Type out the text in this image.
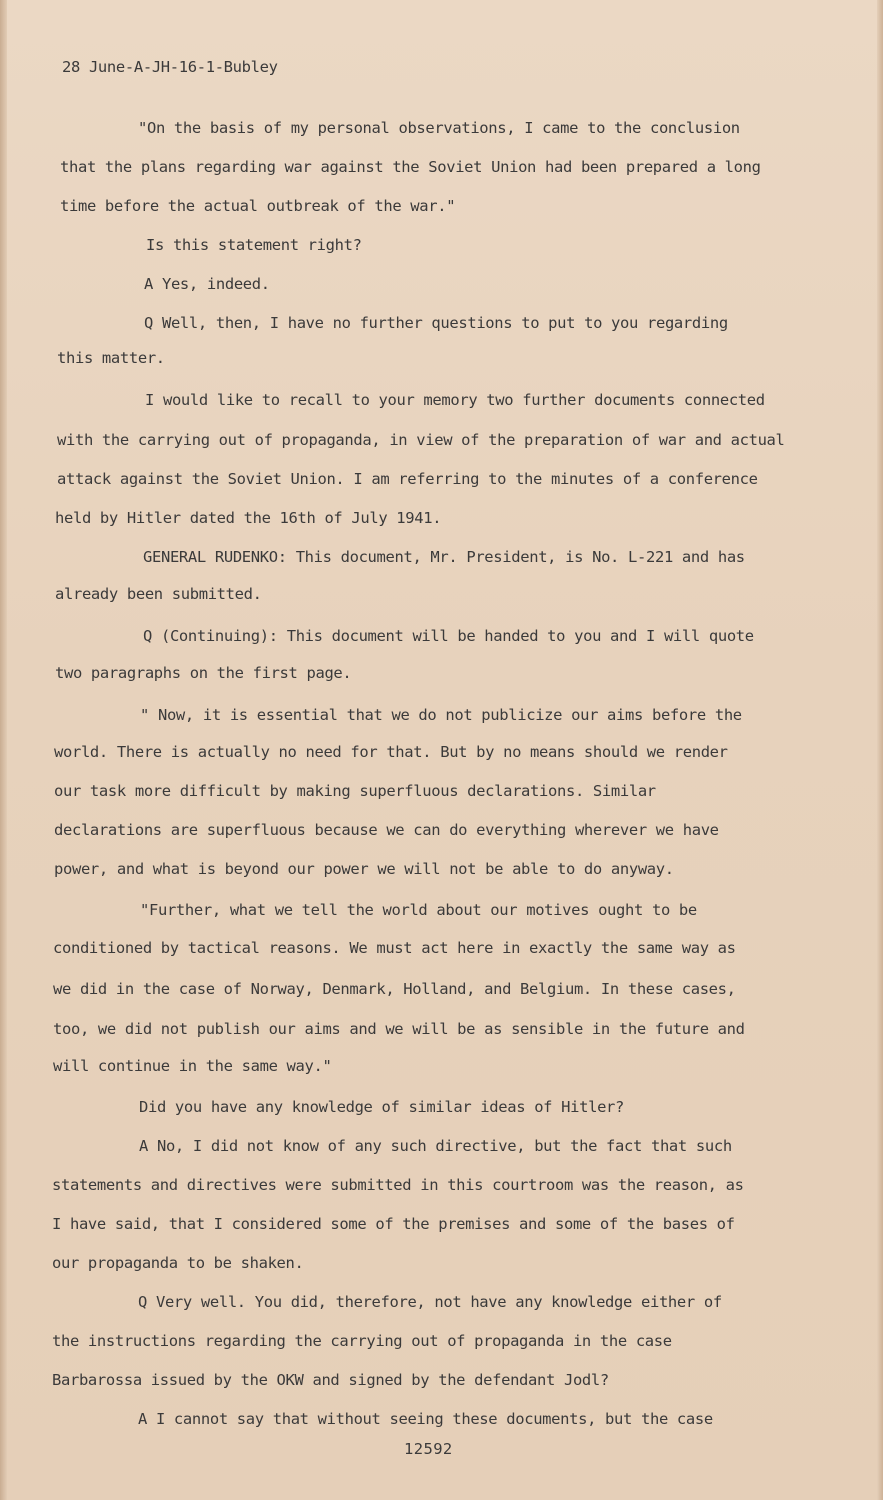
28 June-A-JH-16-1-Bubley

"On the basis of my personal observations, I came to the conclusion

that the plans regarding war against the Soviet Union had been prepared a long

time before the actual outbreak of the war."

Is this statement right?

A Yes, indeed.

Q Well, then, I have no further questions to put to you regarding

this matter.

I would like to recall to your memory two further documents connected

with the carrying out of propaganda, in view of the preparation of war and actual

attack against the Soviet Union. I am referring to the minutes of a conference

held by Hitler dated the 16th of July 1941.

GENERAL RUDENKO: This document, Mr. President, is No. L-221 and has

already been submitted.

Q (Continuing): This document will be handed to you and I will quote

two paragraphs on the first page.

" Now, it is essential that we do not publicize our aims before the

world. There is actually no need for that. But by no means should we render

our task more difficult by making superfluous declarations. Similar

declarations are superfluous because we can do everything wherever we have

power, and what is beyond our power we will not be able to do anyway.

"Further, what we tell the world about our motives ought to be

conditioned by tactical reasons. We must act here in exactly the same way as

we did in the case of Norway, Denmark, Holland, and Belgium. In these cases,

too, we did not publish our aims and we will be as sensible in the future and

will continue in the same way."

Did you have any knowledge of similar ideas of Hitler?

A No, I did not know of any such directive, but the fact that such

statements and directives were submitted in this courtroom was the reason, as

I have said, that I considered some of the premises and some of the bases of

our propaganda to be shaken.

Q Very well. You did, therefore, not have any knowledge either of

the instructions regarding the carrying out of propaganda in the case

Barbarossa issued by the OKW and signed by the defendant Jodl?

A I cannot say that without seeing these documents, but the case

12592
